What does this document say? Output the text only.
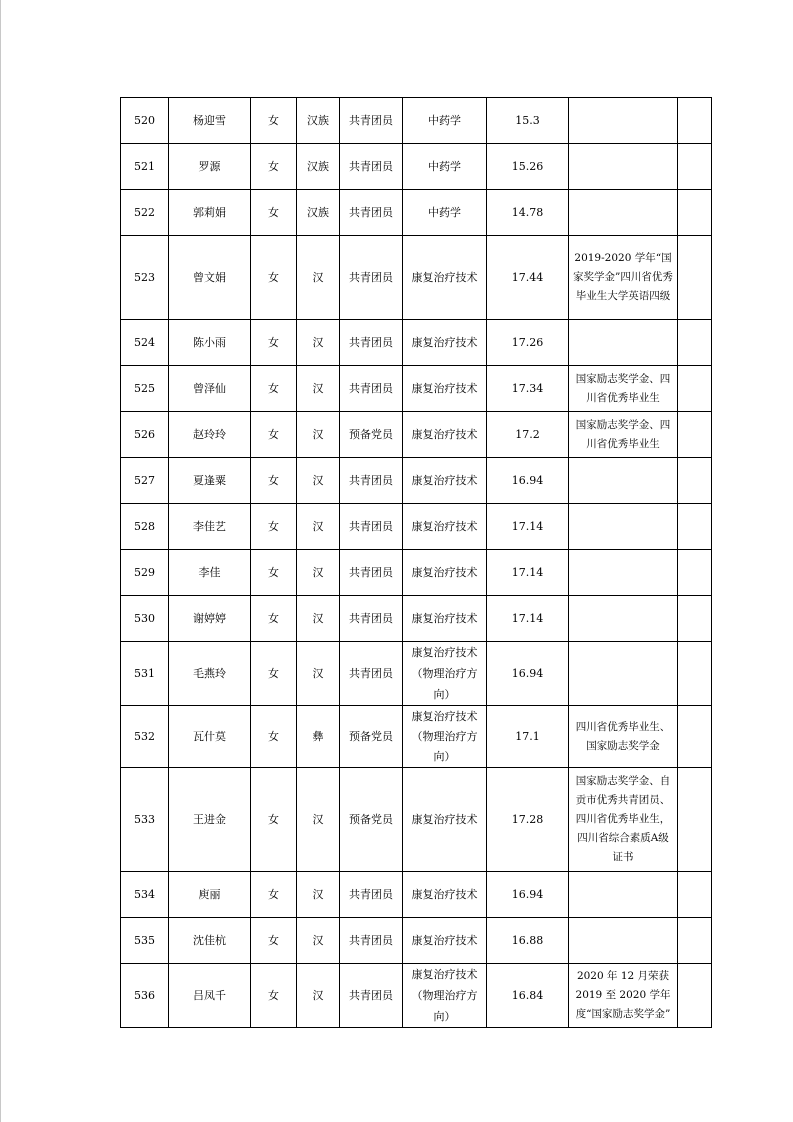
520	杨迎雪	女	汉族	共青团员	中药学	15.3		
521	罗源	女	汉族	共青团员	中药学	15.26		
522	郭莉娟	女	汉族	共青团员	中药学	14.78		
523	曾文娟	女	汉	共青团员	康复治疗技术	17.44	2019-2020 学年“国家奖学金”四川省优秀毕业生大学英语四级	
524	陈小雨	女	汉	共青团员	康复治疗技术	17.26		
525	曾泽仙	女	汉	共青团员	康复治疗技术	17.34	国家励志奖学金、四川省优秀毕业生	
526	赵玲玲	女	汉	预备党员	康复治疗技术	17.2	国家励志奖学金、四川省优秀毕业生	
527	夏逢粟	女	汉	共青团员	康复治疗技术	16.94		
528	李佳艺	女	汉	共青团员	康复治疗技术	17.14		
529	李佳	女	汉	共青团员	康复治疗技术	17.14		
530	谢婷婷	女	汉	共青团员	康复治疗技术	17.14		
531	毛燕玲	女	汉	共青团员	康复治疗技术（物理治疗方向）	16.94		
532	瓦什莫	女	彝	预备党员	康复治疗技术（物理治疗方向）	17.1	四川省优秀毕业生、国家励志奖学金	
533	王进金	女	汉	预备党员	康复治疗技术	17.28	国家励志奖学金、自贡市优秀共青团员、四川省优秀毕业生，四川省综合素质A级证书	
534	庾丽	女	汉	共青团员	康复治疗技术	16.94		
535	沈佳杭	女	汉	共青团员	康复治疗技术	16.88		
536	吕凤千	女	汉	共青团员	康复治疗技术（物理治疗方向）	16.84	2020 年 12 月荣获 2019 至 2020 学年度“国家励志奖学金”	
